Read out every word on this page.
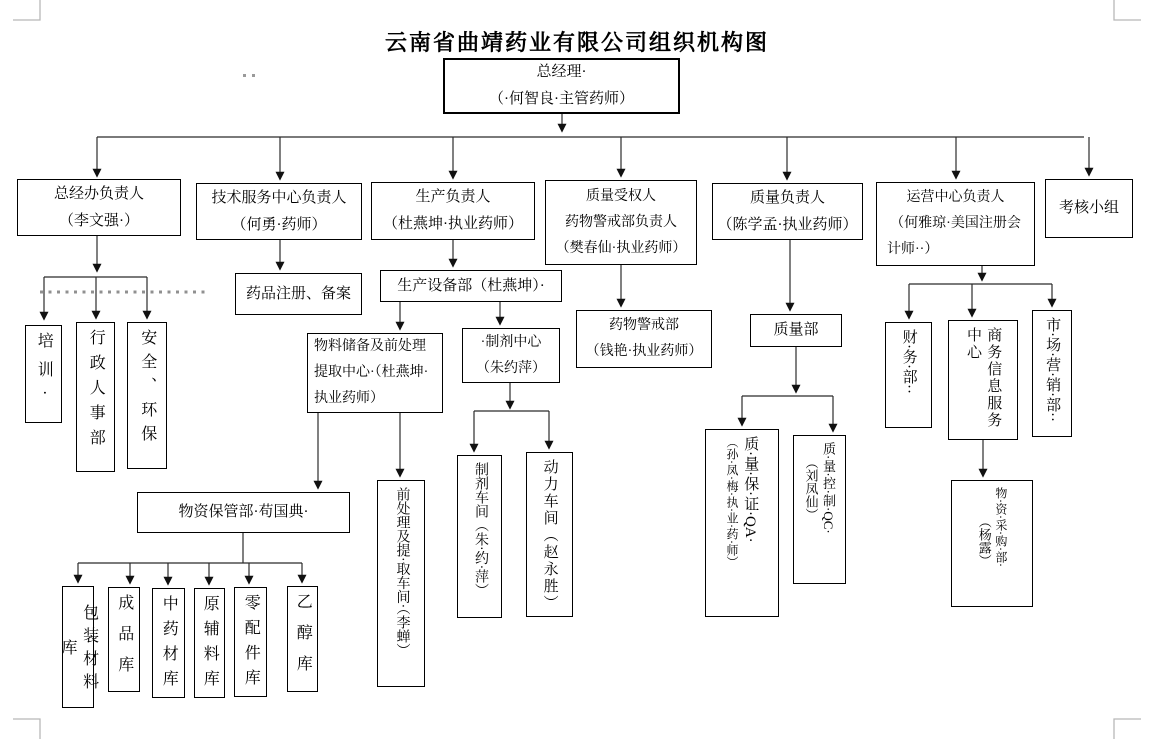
云南省曲靖药业有限公司组织机构图
总经理·
（·何智良·主管药师）
总经办负责人
（李文强·）
技术服务中心负责人
（何勇·药师）
生产负责人
（杜燕坤·执业药师）
质量受权人
药物警戒部负责人
（樊春仙·执业药师）
质量负责人
（陈学孟·执业药师）
运营中心负责人
（何雅琼·美国注册会
计师··）
考核小组
培训· 行政人事部 安全、环保
药品注册、备案	生产设备部（杜燕坤）·
物料储备及前处理
提取中心·（杜燕坤·
执业药师）
·制剂中心
（朱约萍）
药物警戒部
（钱艳·执业药师）
质量部
物资保管部·苟国典·	前处理及提·取车间·（李蝉）	制剂车间（朱·约·萍）	动力车间（赵永胜）	质·量·保·证·QA·
（孙·凤·梅·执·业·药·师）	质·量·控·制·QC·
（刘凤仙）
财·务·部··	商务信息服务
中心	市·场·营·销·部··
物·资·采·购·部·
（杨露）
包装材料库	成品库 中药材库 原辅料库 零配件库 乙醇库
